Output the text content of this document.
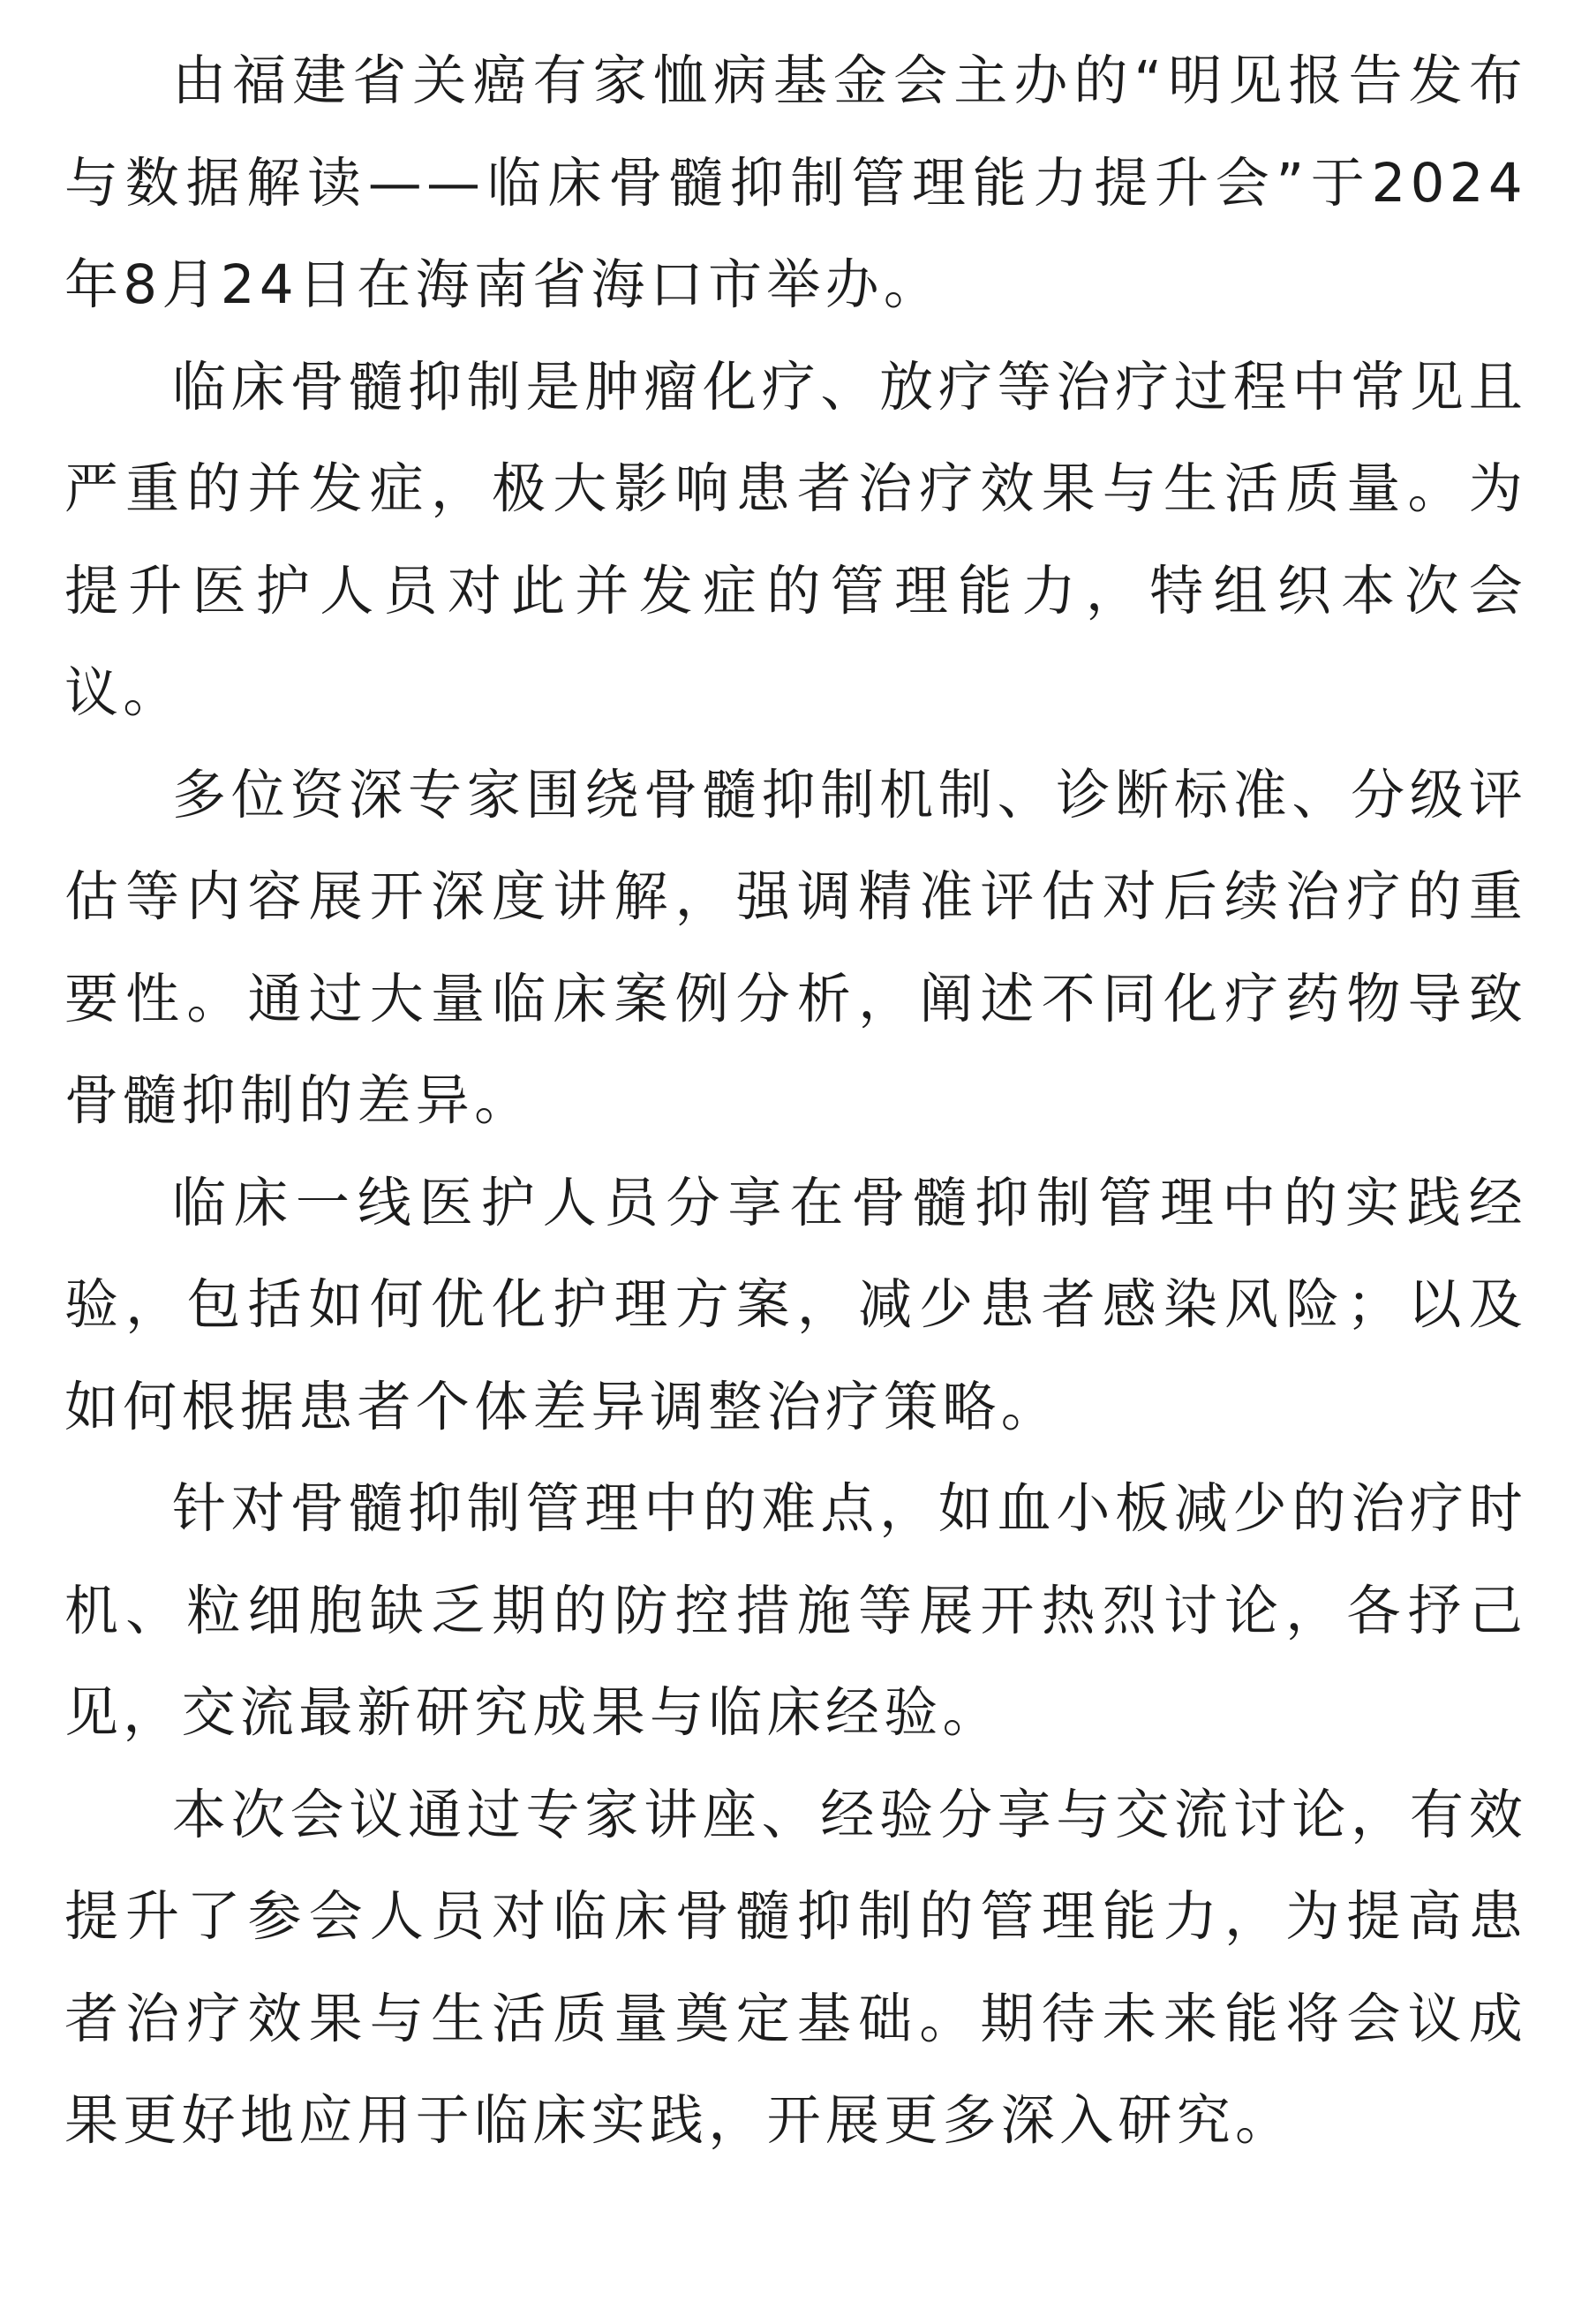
由福建省关癌有家恤病基金会主办的“明见报告发布与数据解读——临床骨髓抑制管理能力提升会”于2024年8月24日在海南省海口市举办。

临床骨髓抑制是肿瘤化疗、放疗等治疗过程中常见且严重的并发症，极大影响患者治疗效果与生活质量。为提升医护人员对此并发症的管理能力，特组织本次会议。

多位资深专家围绕骨髓抑制机制、诊断标准、分级评估等内容展开深度讲解，强调精准评估对后续治疗的重要性。通过大量临床案例分析，阐述不同化疗药物导致骨髓抑制的差异。

临床一线医护人员分享在骨髓抑制管理中的实践经验，包括如何优化护理方案，减少患者感染风险；以及如何根据患者个体差异调整治疗策略。

针对骨髓抑制管理中的难点，如血小板减少的治疗时机、粒细胞缺乏期的防控措施等展开热烈讨论，各抒己见，交流最新研究成果与临床经验。

本次会议通过专家讲座、经验分享与交流讨论，有效提升了参会人员对临床骨髓抑制的管理能力，为提高患者治疗效果与生活质量奠定基础。期待未来能将会议成果更好地应用于临床实践，开展更多深入研究。
